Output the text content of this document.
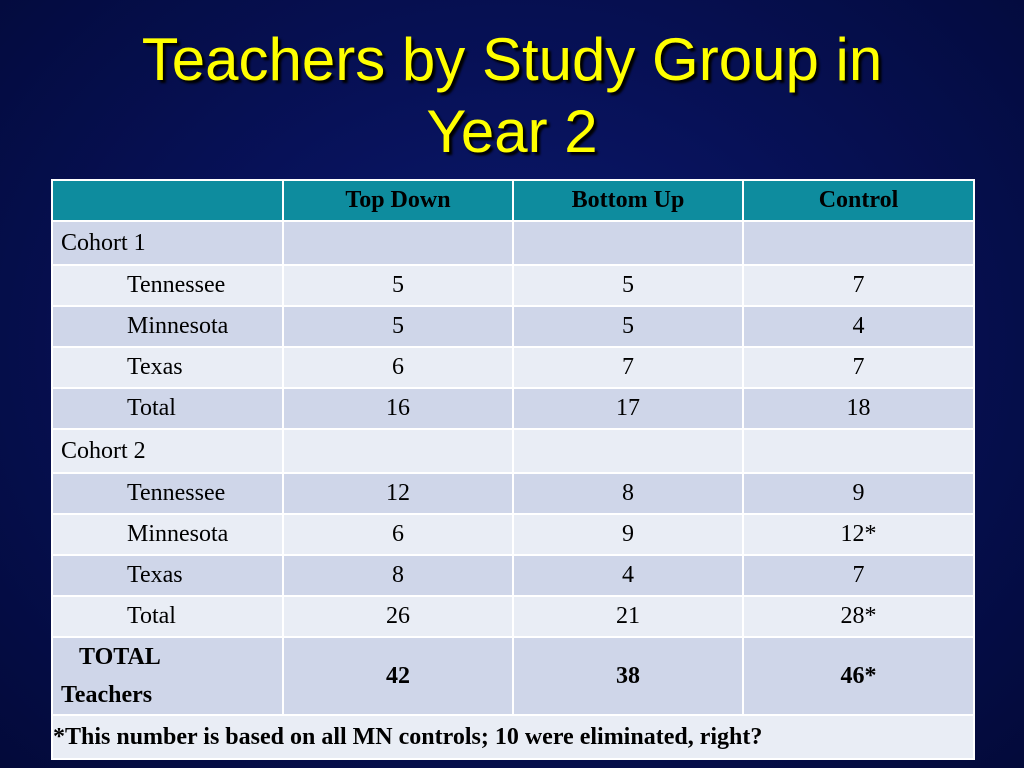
Teachers by Study Group in
Year 2
	Top Down	Bottom Up	Control
Cohort 1			
Tennessee	5	5	7
Minnesota	5	5	4
Texas	6	7	7
Total	16	17	18
Cohort 2			
Tennessee	12	8	9
Minnesota	6	9	12*
Texas	8	4	7
Total	26	21	28*
TOTAL
Teachers	42	38	46*
*This number is based on all MN controls; 10 were eliminated, right?			
